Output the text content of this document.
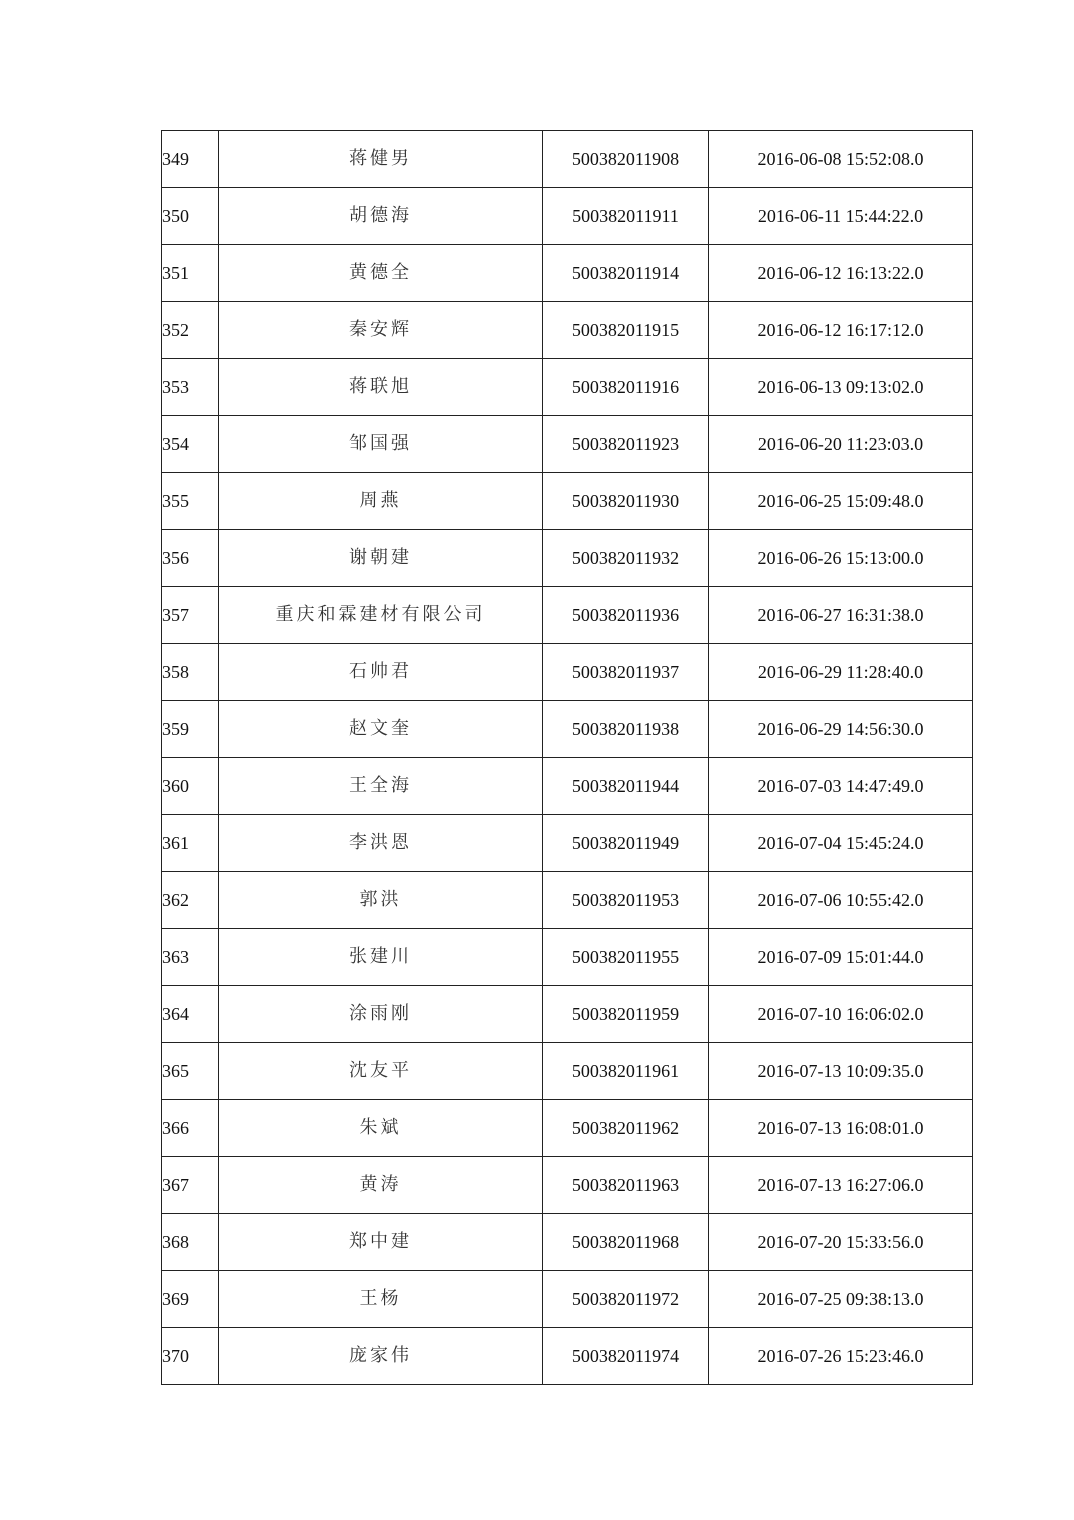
349	蒋健男	500382011908	2016-06-08 15:52:08.0
350	胡德海	500382011911	2016-06-11 15:44:22.0
351	黄德全	500382011914	2016-06-12 16:13:22.0
352	秦安辉	500382011915	2016-06-12 16:17:12.0
353	蒋联旭	500382011916	2016-06-13 09:13:02.0
354	邹国强	500382011923	2016-06-20 11:23:03.0
355	周燕	500382011930	2016-06-25 15:09:48.0
356	谢朝建	500382011932	2016-06-26 15:13:00.0
357	重庆和霖建材有限公司	500382011936	2016-06-27 16:31:38.0
358	石帅君	500382011937	2016-06-29 11:28:40.0
359	赵文奎	500382011938	2016-06-29 14:56:30.0
360	王全海	500382011944	2016-07-03 14:47:49.0
361	李洪恩	500382011949	2016-07-04 15:45:24.0
362	郭洪	500382011953	2016-07-06 10:55:42.0
363	张建川	500382011955	2016-07-09 15:01:44.0
364	涂雨刚	500382011959	2016-07-10 16:06:02.0
365	沈友平	500382011961	2016-07-13 10:09:35.0
366	朱斌	500382011962	2016-07-13 16:08:01.0
367	黄涛	500382011963	2016-07-13 16:27:06.0
368	郑中建	500382011968	2016-07-20 15:33:56.0
369	王杨	500382011972	2016-07-25 09:38:13.0
370	庞家伟	500382011974	2016-07-26 15:23:46.0
